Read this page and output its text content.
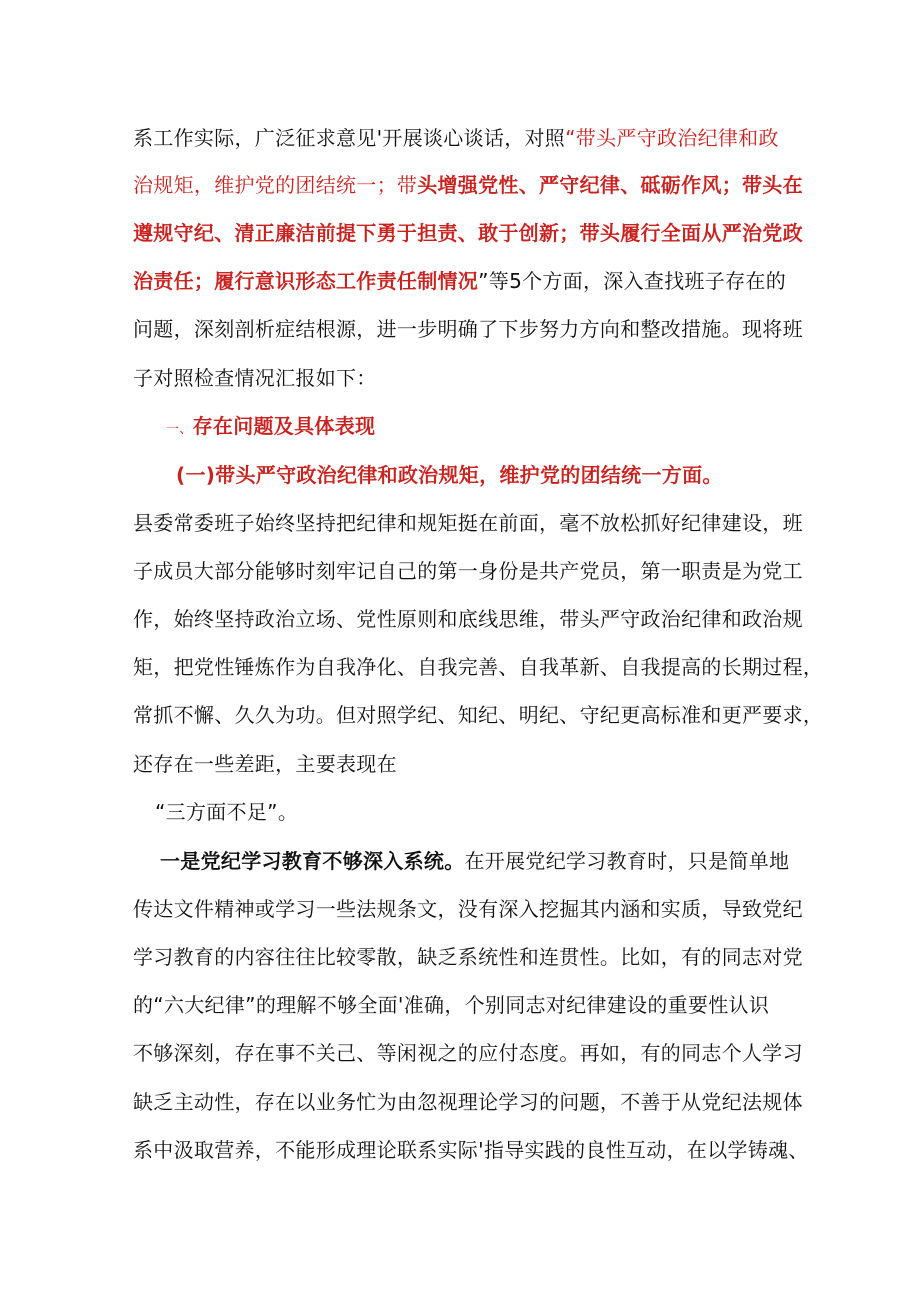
系工作实际，广泛征求意见'开展谈心谈话，对照“带头严守政治纪律和政
治规矩，维护党的团结统一；带头增强党性、严守纪律、砥砺作风；带头在
遵规守纪、清正廉洁前提下勇于担责、敢于创新；带头履行全面从严治党政
治责任；履行意识形态工作责任制情况”等5个方面，深入查找班子存在的
问题，深刻剖析症结根源，进一步明确了下步努力方向和整改措施。现将班
子对照检查情况汇报如下：
一、存在问题及具体表现
(一)带头严守政治纪律和政治规矩，维护党的团结统一方面。
县委常委班子始终坚持把纪律和规矩挺在前面，毫不放松抓好纪律建设，班
子成员大部分能够时刻牢记自己的第一身份是共产党员，第一职责是为党工
作，始终坚持政治立场、党性原则和底线思维，带头严守政治纪律和政治规
矩，把党性锤炼作为自我净化、自我完善、自我革新、自我提高的长期过程，
常抓不懈、久久为功。但对照学纪、知纪、明纪、守纪更高标准和更严要求，
还存在一些差距，主要表现在
“三方面不足”。
一是党纪学习教育不够深入系统。在开展党纪学习教育时，只是简单地
传达文件精神或学习一些法规条文，没有深入挖掘其内涵和实质，导致党纪
学习教育的内容往往比较零散，缺乏系统性和连贯性。比如，有的同志对党
的“六大纪律”的理解不够全面'准确，个别同志对纪律建设的重要性认识
不够深刻，存在事不关己、等闲视之的应付态度。再如，有的同志个人学习
缺乏主动性，存在以业务忙为由忽视理论学习的问题，不善于从党纪法规体
系中汲取营养，不能形成理论联系实际'指导实践的良性互动，在以学铸魂、
